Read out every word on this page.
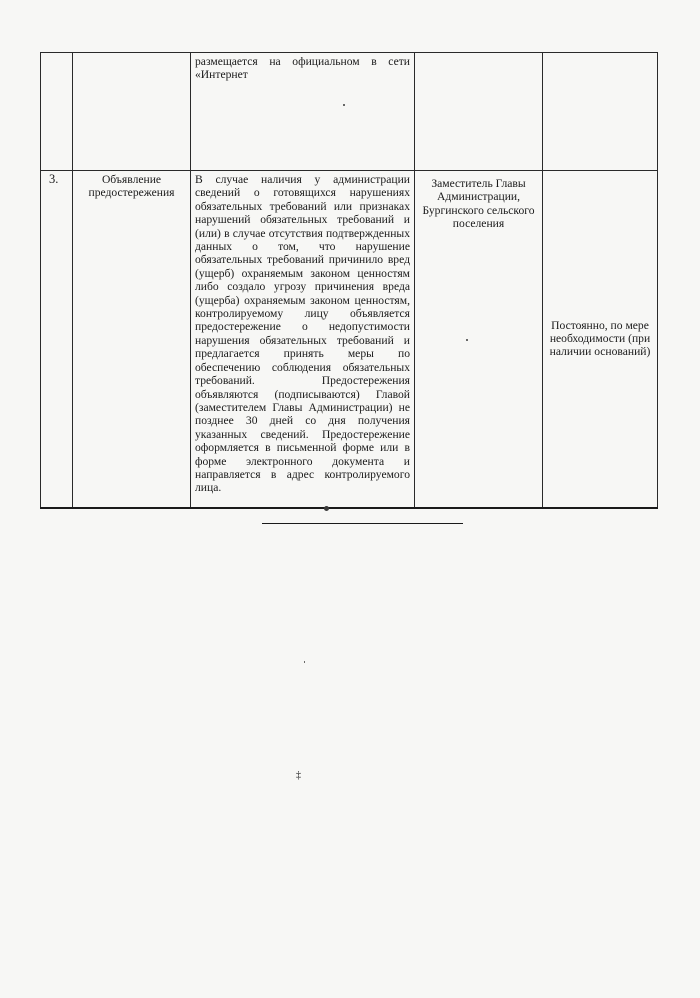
		размещается на официальном в сети «Интернет		
3.	Объявление предостережения	В случае наличия у администрации сведений о готовящихся нарушениях обязательных требований или признаках нарушений обязательных требований и (или) в случае отсутствия подтвержденных данных о том, что нарушение обязательных требований причинило вред (ущерб) охраняемым законом ценностям либо создало угрозу причинения вреда (ущерба) охраняемым законом ценностям, контролируемому лицу объявляется предостережение о недопустимости нарушения обязательных требований и предлагается принять меры по обеспечению соблюдения обязательных требований. Предостережения объявляются (подписываются) Главой (заместителем Главы Администрации) не позднее 30 дней со дня получения указанных сведений. Предостережение оформляется в письменной форме или в форме электронного документа и направляется в адрес контролируемого лица.	Заместитель Главы Администрации, Бургинского сельского поселения	Постоянно, по мере необходимости (при наличии оснований)
‡
